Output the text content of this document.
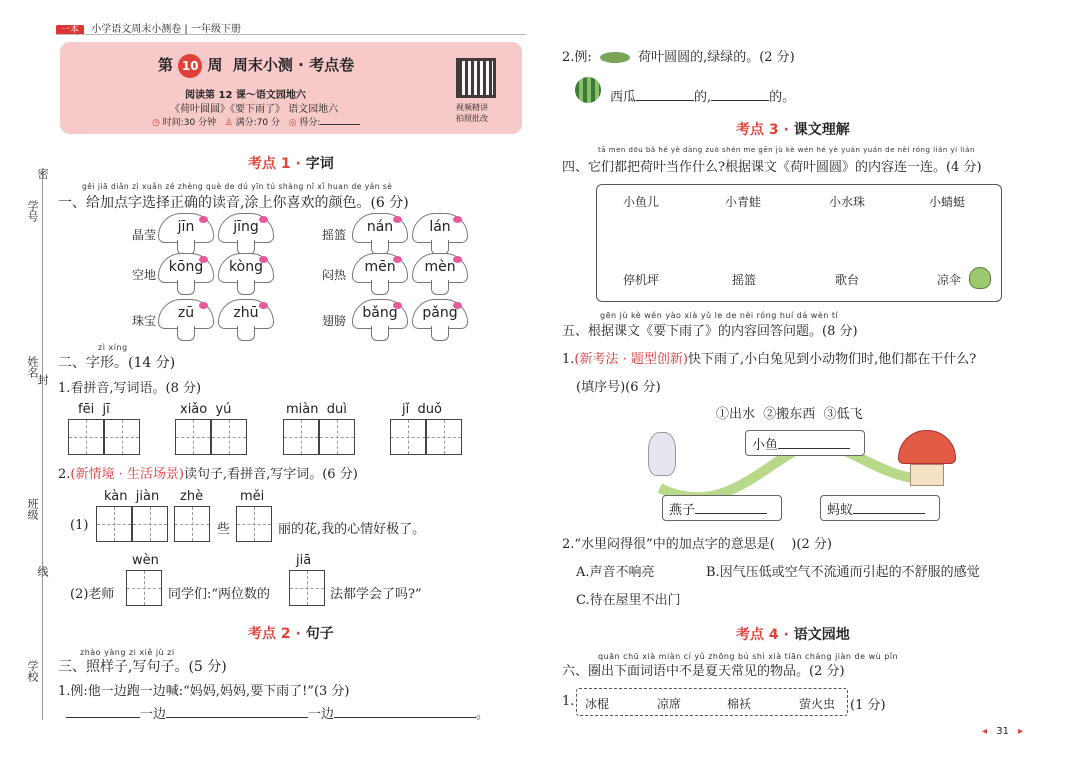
一本 小学语文周末小测卷 | 一年级下册
第 10 周  周末小测 · 考点卷
阅读第 12 课～语文园地六
《荷叶圆圆》《要下雨了》 语文园地六
◷ 时间:30 分钟 ♙ 满分:70 分 ◎ 得分:
视频精讲
拍照批改
密
学号
姓名
封
班级
线
学校
考点 1 · 字词
gěi jiā diǎn zì xuǎn zé zhèng què de dú yīn tú shàng nǐ xǐ huan de yán sè
一、给加点字选择正确的读音,涂上你喜欢的颜色。(6 分)
晶莹	jīn	jīng
空地 kōng	kòng
珠宝	zū	zhū
摇篮	nán	lán
闷热	mēn	mèn
翅膀	bǎng	pǎng
zì xíng
二、字形。(14 分)
1.看拼音,写词语。(8 分)
fēi  jī	xiǎo  yú	miàn  duì	jǐ  duǒ
2.(新情境 · 生活场景)读句子,看拼音,写字词。(6 分)
kàn  jiàn zhè	měi
(1)	些	丽的花,我的心情好极了。
wèn	jiā
(2)老师	同学们:“两位数的	法都学会了吗?”
考点 2 · 句子
zhào yàng zi xiě jù zi
三、照样子,写句子。(5 分)
1.例:他一边跑一边喊:“妈妈,妈妈,要下雨了!”(3 分)
一边	一边	。
2.例:	荷叶圆圆的,绿绿的。(2 分)
西瓜	的,	的。
考点 3 · 课文理解
tā men dōu bǎ hé yè dàng zuò shén me gēn jù kè wén hé yè yuán yuán de nèi róng lián yi lián
四、它们都把荷叶当作什么?根据课文《荷叶圆圆》的内容连一连。(4 分)
小鱼儿	小青蛙	小水珠	小蜻蜓
停机坪	摇篮	歌台	凉伞
gēn jù kè wén yào xià yǔ le de nèi róng huí dá wèn tí
五、根据课文《要下雨了》的内容回答问题。(8 分)
1.(新考法 · 题型创新)快下雨了,小白兔见到小动物们时,他们都在干什么?
(填序号)(6 分)
①出水  ②搬东西  ③低飞
小鱼
燕子	蚂蚁
2.“水里闷得很”中的加点字的意思是(    )(2 分)
A.声音不响亮	B.因气压低或空气不流通而引起的不舒服的感觉
C.待在屋里不出门
考点 4 · 语文园地
quān chū xià miàn cí yǔ zhōng bú shì xià tiān cháng jiàn de wù pǐn
六、圈出下面词语中不是夏天常见的物品。(2 分)
1. 冰棍	凉席	棉袄	萤火虫 (1 分)
◂ 31 ▸
